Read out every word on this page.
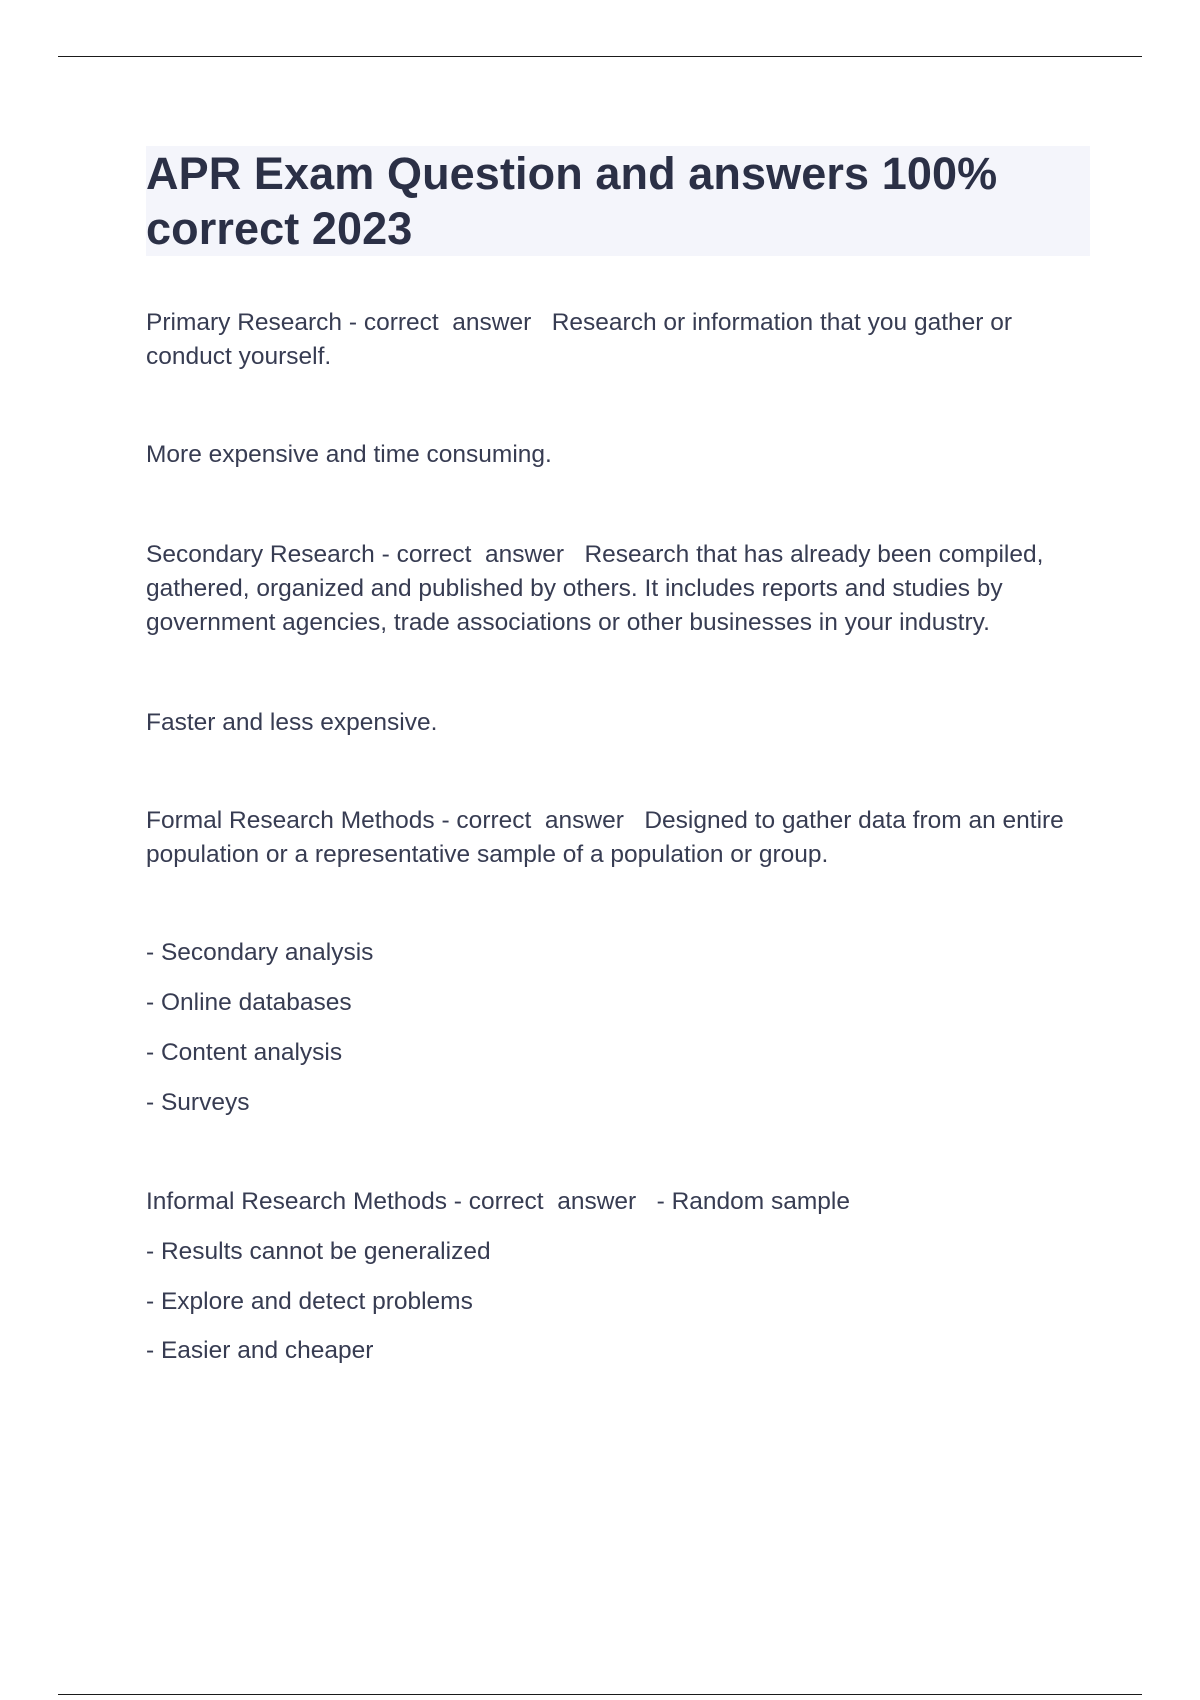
APR Exam Question and answers 100% correct 2023

Primary Research - correct  answer   Research or information that you gather or conduct yourself.

More expensive and time consuming.

Secondary Research - correct  answer   Research that has already been compiled, gathered, organized and published by others. It includes reports and studies by government agencies, trade associations or other businesses in your industry.

Faster and less expensive.

Formal Research Methods - correct  answer   Designed to gather data from an entire population or a representative sample of a population or group.

- Secondary analysis

- Online databases

- Content analysis

- Surveys

Informal Research Methods - correct  answer   - Random sample

- Results cannot be generalized

- Explore and detect problems

- Easier and cheaper
